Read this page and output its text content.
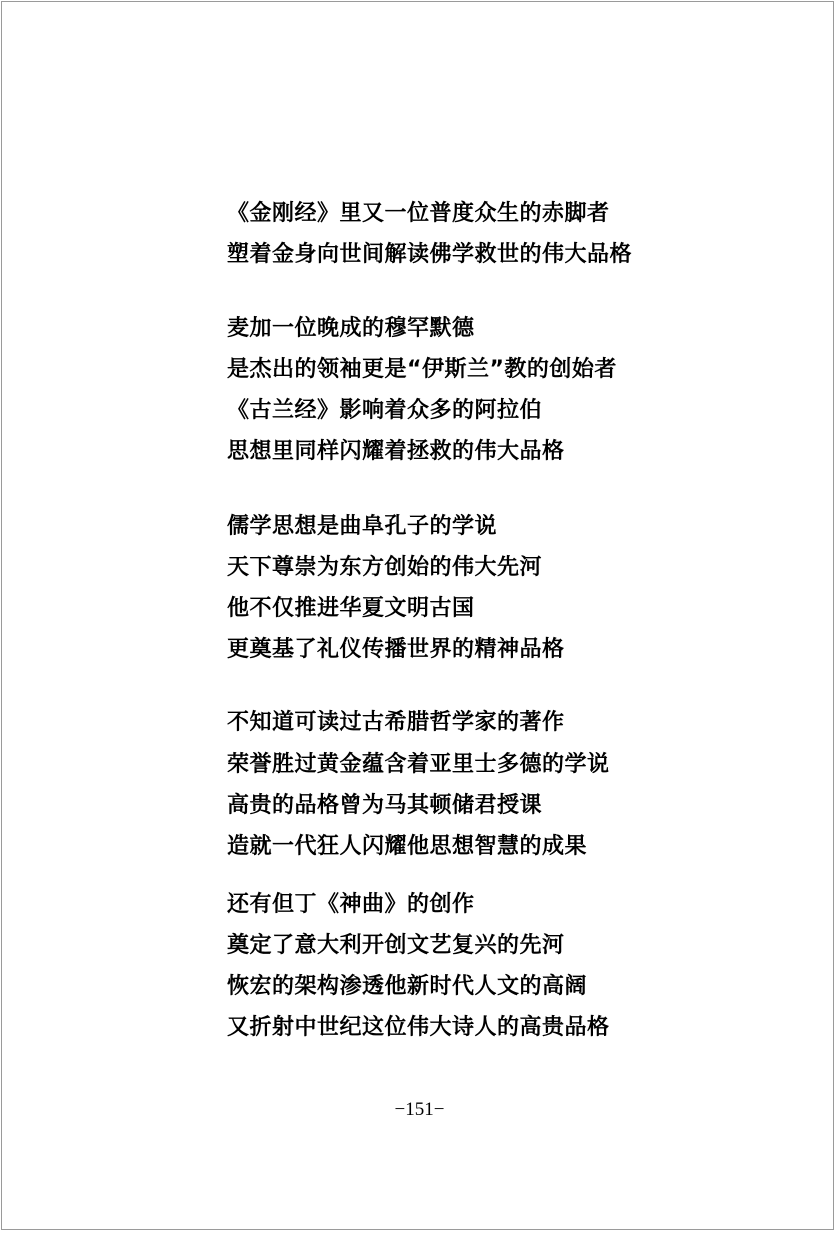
《金刚经》里又一位普度众生的赤脚者
塑着金身向世间解读佛学救世的伟大品格
麦加一位晚成的穆罕默德
是杰出的领袖更是“伊斯兰”教的创始者
《古兰经》影响着众多的阿拉伯
思想里同样闪耀着拯救的伟大品格
儒学思想是曲阜孔子的学说
天下尊崇为东方创始的伟大先河
他不仅推进华夏文明古国
更奠基了礼仪传播世界的精神品格
不知道可读过古希腊哲学家的著作
荣誉胜过黄金蕴含着亚里士多德的学说
高贵的品格曾为马其顿储君授课
造就一代狂人闪耀他思想智慧的成果
还有但丁《神曲》的创作
奠定了意大利开创文艺复兴的先河
恢宏的架构渗透他新时代人文的高阔
又折射中世纪这位伟大诗人的高贵品格
−151−
